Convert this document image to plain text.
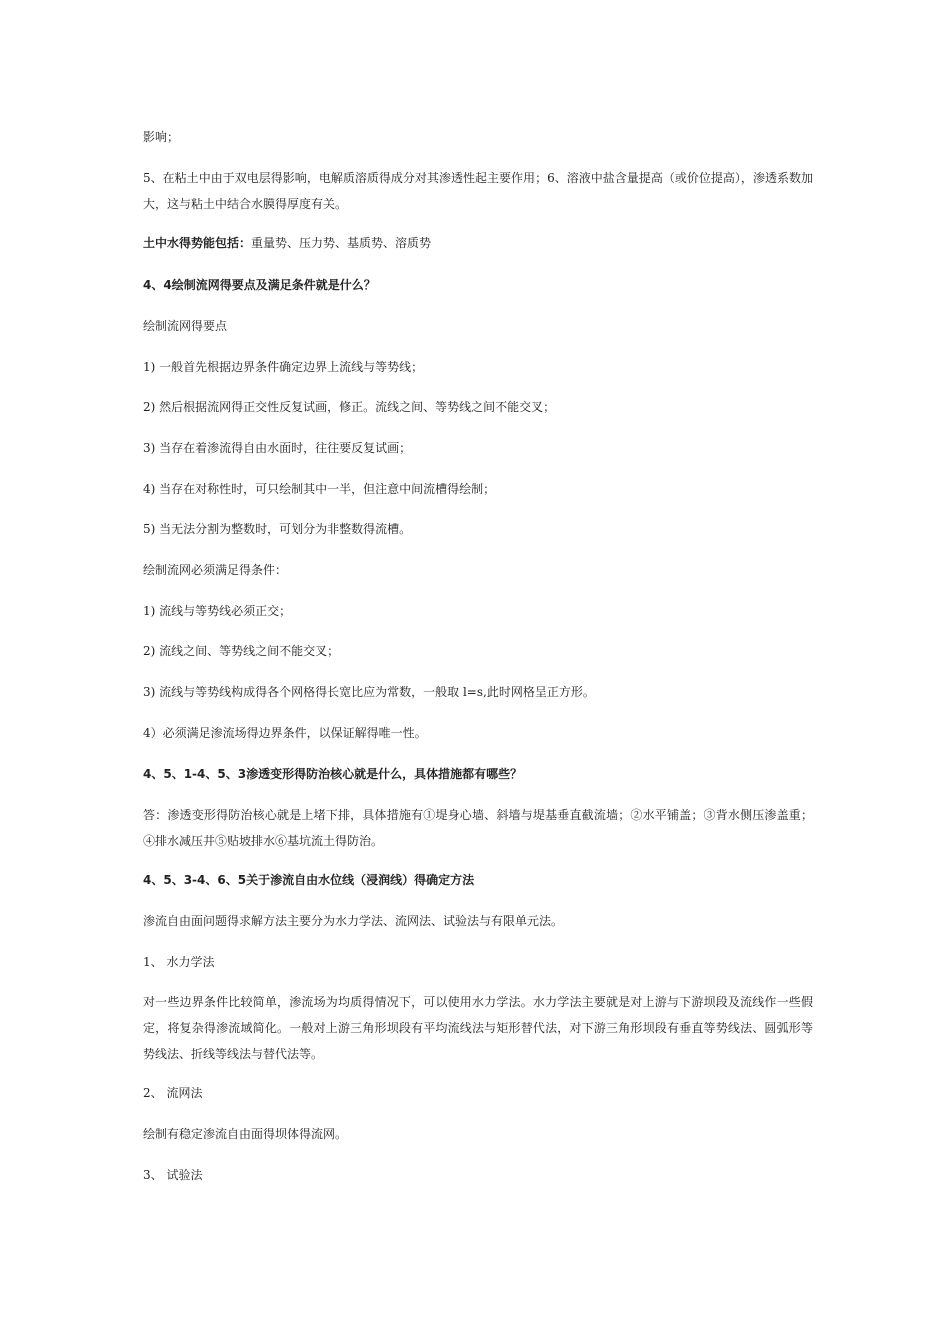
影响；

5、在粘土中由于双电层得影响，电解质溶质得成分对其渗透性起主要作用；6、溶液中盐含量提高（或价位提高），渗透系数加大，这与粘土中结合水膜得厚度有关。

土中水得势能包括：重量势、压力势、基质势、溶质势

4、4绘制流网得要点及满足条件就是什么？

绘制流网得要点

1) 一般首先根据边界条件确定边界上流线与等势线；

2) 然后根据流网得正交性反复试画，修正。流线之间、等势线之间不能交叉；

3) 当存在着渗流得自由水面时，往往要反复试画；

4) 当存在对称性时，可只绘制其中一半，但注意中间流槽得绘制；

5) 当无法分割为整数时，可划分为非整数得流槽。

绘制流网必须满足得条件：

1) 流线与等势线必须正交；

2) 流线之间、等势线之间不能交叉；

3) 流线与等势线构成得各个网格得长宽比应为常数，一般取 l=s,此时网格呈正方形。

4）必须满足渗流场得边界条件，以保证解得唯一性。

4、5、1-4、5、3渗透变形得防治核心就是什么，具体措施都有哪些？

答：渗透变形得防治核心就是上堵下排，具体措施有①堤身心墙、斜墙与堤基垂直截流墙；②水平铺盖；③背水侧压渗盖重；④排水减压井⑤贴坡排水⑥基坑流土得防治。

4、5、3-4、6、5关于渗流自由水位线（浸润线）得确定方法

渗流自由面问题得求解方法主要分为水力学法、流网法、试验法与有限单元法。

1、 水力学法

对一些边界条件比较简单，渗流场为均质得情况下，可以使用水力学法。水力学法主要就是对上游与下游坝段及流线作一些假定，将复杂得渗流域简化。一般对上游三角形坝段有平均流线法与矩形替代法，对下游三角形坝段有垂直等势线法、圆弧形等势线法、折线等线法与替代法等。

2、 流网法

绘制有稳定渗流自由面得坝体得流网。

3、 试验法
